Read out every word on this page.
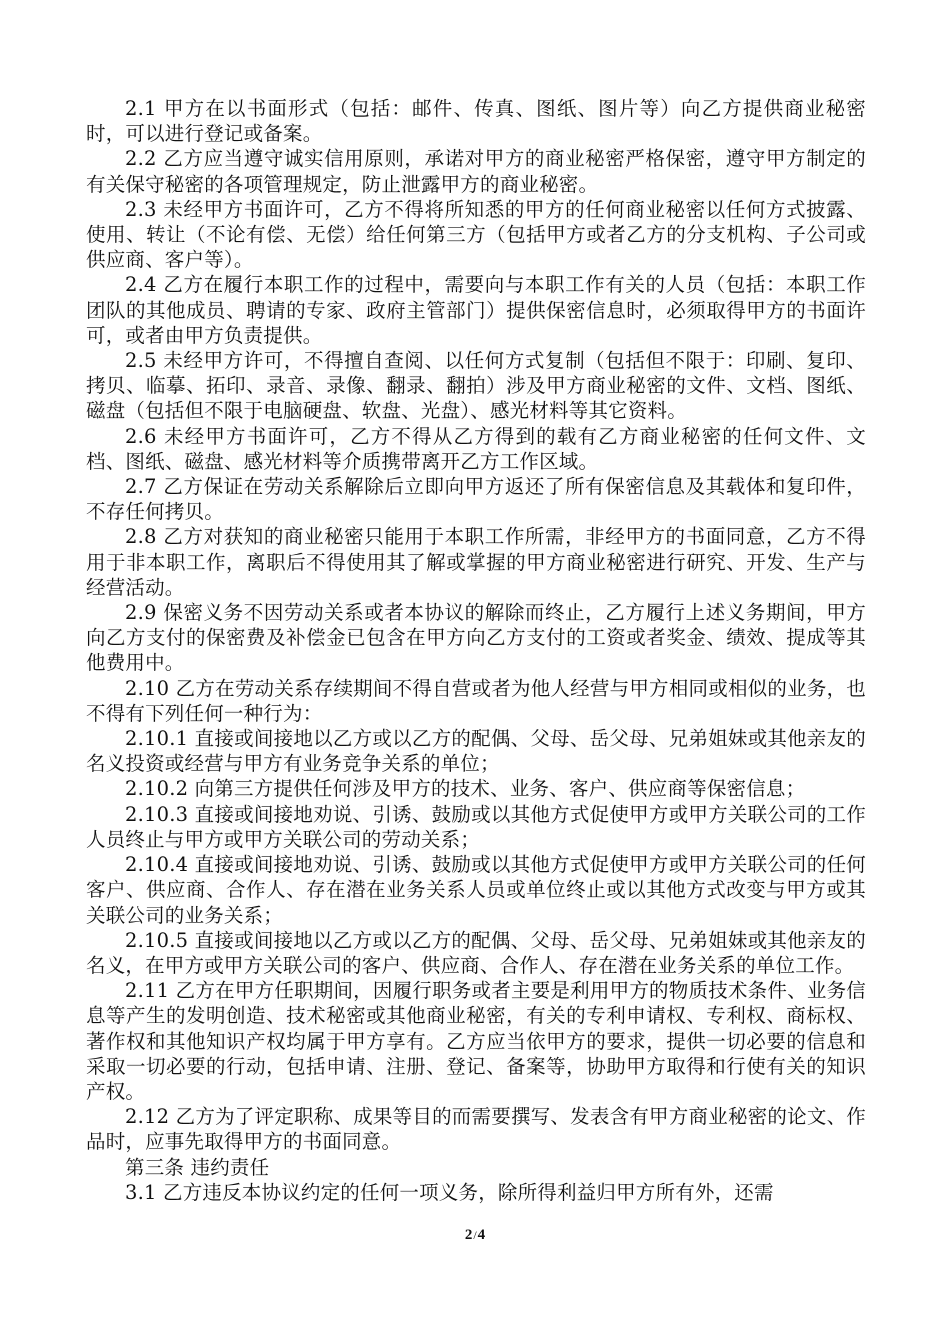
2.1 甲方在以书面形式（包括：邮件、传真、图纸、图片等）向乙方提供商业秘密时，可以进行登记或备案。

2.2 乙方应当遵守诚实信用原则，承诺对甲方的商业秘密严格保密，遵守甲方制定的有关保守秘密的各项管理规定，防止泄露甲方的商业秘密。

2.3 未经甲方书面许可，乙方不得将所知悉的甲方的任何商业秘密以任何方式披露、使用、转让（不论有偿、无偿）给任何第三方（包括甲方或者乙方的分支机构、子公司或供应商、客户等）。

2.4 乙方在履行本职工作的过程中，需要向与本职工作有关的人员（包括：本职工作团队的其他成员、聘请的专家、政府主管部门）提供保密信息时，必须取得甲方的书面许可，或者由甲方负责提供。

2.5 未经甲方许可，不得擅自查阅、以任何方式复制（包括但不限于：印刷、复印、拷贝、临摹、拓印、录音、录像、翻录、翻拍）涉及甲方商业秘密的文件、文档、图纸、磁盘（包括但不限于电脑硬盘、软盘、光盘）、感光材料等其它资料。

2.6 未经甲方书面许可，乙方不得从乙方得到的载有乙方商业秘密的任何文件、文档、图纸、磁盘、感光材料等介质携带离开乙方工作区域。

2.7 乙方保证在劳动关系解除后立即向甲方返还了所有保密信息及其载体和复印件，不存任何拷贝。

2.8 乙方对获知的商业秘密只能用于本职工作所需，非经甲方的书面同意，乙方不得用于非本职工作，离职后不得使用其了解或掌握的甲方商业秘密进行研究、开发、生产与经营活动。

2.9 保密义务不因劳动关系或者本协议的解除而终止，乙方履行上述义务期间，甲方向乙方支付的保密费及补偿金已包含在甲方向乙方支付的工资或者奖金、绩效、提成等其他费用中。

2.10 乙方在劳动关系存续期间不得自营或者为他人经营与甲方相同或相似的业务，也不得有下列任何一种行为：

2.10.1 直接或间接地以乙方或以乙方的配偶、父母、岳父母、兄弟姐妹或其他亲友的名义投资或经营与甲方有业务竞争关系的单位；

2.10.2 向第三方提供任何涉及甲方的技术、业务、客户、供应商等保密信息；

2.10.3 直接或间接地劝说、引诱、鼓励或以其他方式促使甲方或甲方关联公司的工作人员终止与甲方或甲方关联公司的劳动关系；

2.10.4 直接或间接地劝说、引诱、鼓励或以其他方式促使甲方或甲方关联公司的任何客户、供应商、合作人、存在潜在业务关系人员或单位终止或以其他方式改变与甲方或其关联公司的业务关系；

2.10.5 直接或间接地以乙方或以乙方的配偶、父母、岳父母、兄弟姐妹或其他亲友的名义，在甲方或甲方关联公司的客户、供应商、合作人、存在潜在业务关系的单位工作。

2.11 乙方在甲方任职期间，因履行职务或者主要是利用甲方的物质技术条件、业务信息等产生的发明创造、技术秘密或其他商业秘密，有关的专利申请权、专利权、商标权、著作权和其他知识产权均属于甲方享有。乙方应当依甲方的要求，提供一切必要的信息和采取一切必要的行动，包括申请、注册、登记、备案等，协助甲方取得和行使有关的知识产权。

2.12 乙方为了评定职称、成果等目的而需要撰写、发表含有甲方商业秘密的论文、作品时，应事先取得甲方的书面同意。

第三条 违约责任

3.1 乙方违反本协议约定的任何一项义务，除所得利益归甲方所有外，还需

2/4
